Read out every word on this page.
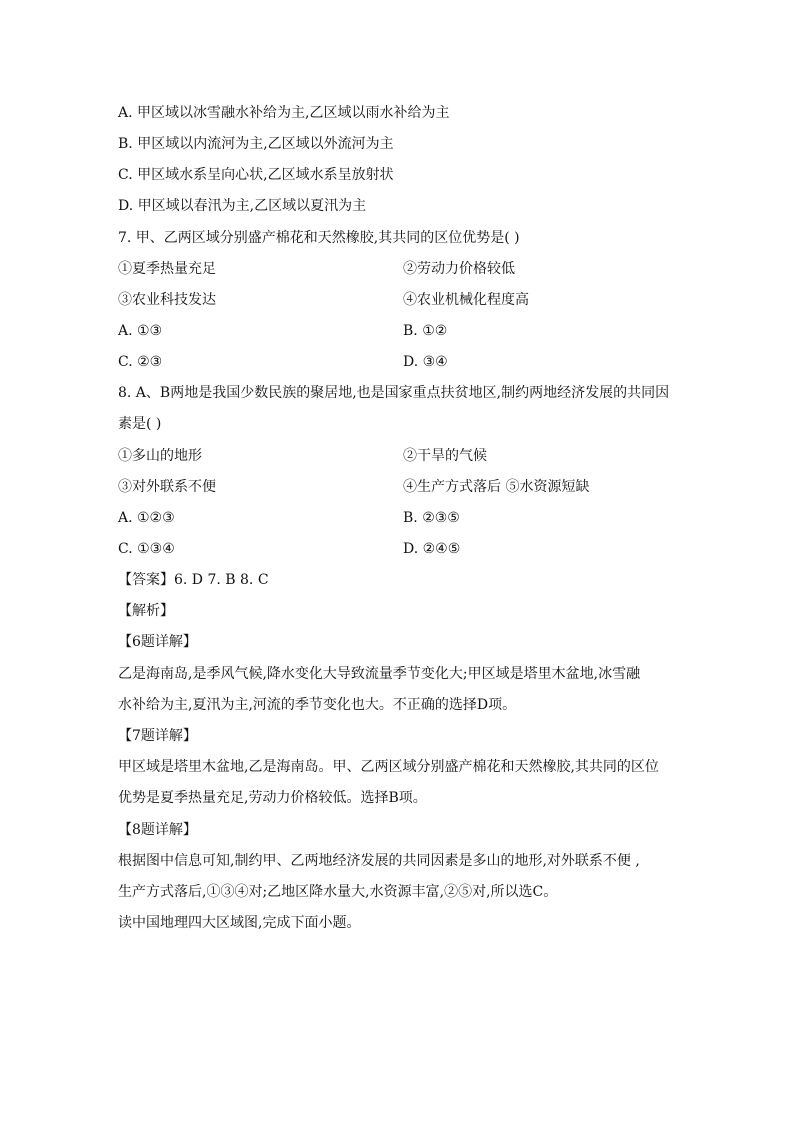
A. 甲区域以冰雪融水补给为主,乙区域以雨水补给为主
B. 甲区域以内流河为主,乙区域以外流河为主
C. 甲区域水系呈向心状,乙区域水系呈放射状
D. 甲区域以春汛为主,乙区域以夏汛为主
7. 甲、乙两区域分别盛产棉花和天然橡胶,其共同的区位优势是( )
①夏季热量充足	②劳动力价格较低
③农业科技发达	④农业机械化程度高
A. ①③	B. ①②
C. ②③	D. ③④
8. A、B两地是我国少数民族的聚居地,也是国家重点扶贫地区,制约两地经济发展的共同因
素是( )
①多山的地形	②干旱的气候
③对外联系不便	④生产方式落后 ⑤水资源短缺
A. ①②③	B. ②③⑤
C. ①③④	D. ②④⑤
【答案】6. D 7. B 8. C
【解析】
【6题详解】
乙是海南岛,是季风气候,降水变化大导致流量季节变化大;甲区域是塔里木盆地,冰雪融
水补给为主,夏汛为主,河流的季节变化也大。不正确的选择D项。
【7题详解】
甲区域是塔里木盆地,乙是海南岛。甲、乙两区域分别盛产棉花和天然橡胶,其共同的区位
优势是夏季热量充足,劳动力价格较低。选择B项。
【8题详解】
根据图中信息可知,制约甲、乙两地经济发展的共同因素是多山的地形,对外联系不便 ,
生产方式落后,①③④对;乙地区降水量大,水资源丰富,②⑤对,所以选C。
读中国地理四大区域图,完成下面小题。
